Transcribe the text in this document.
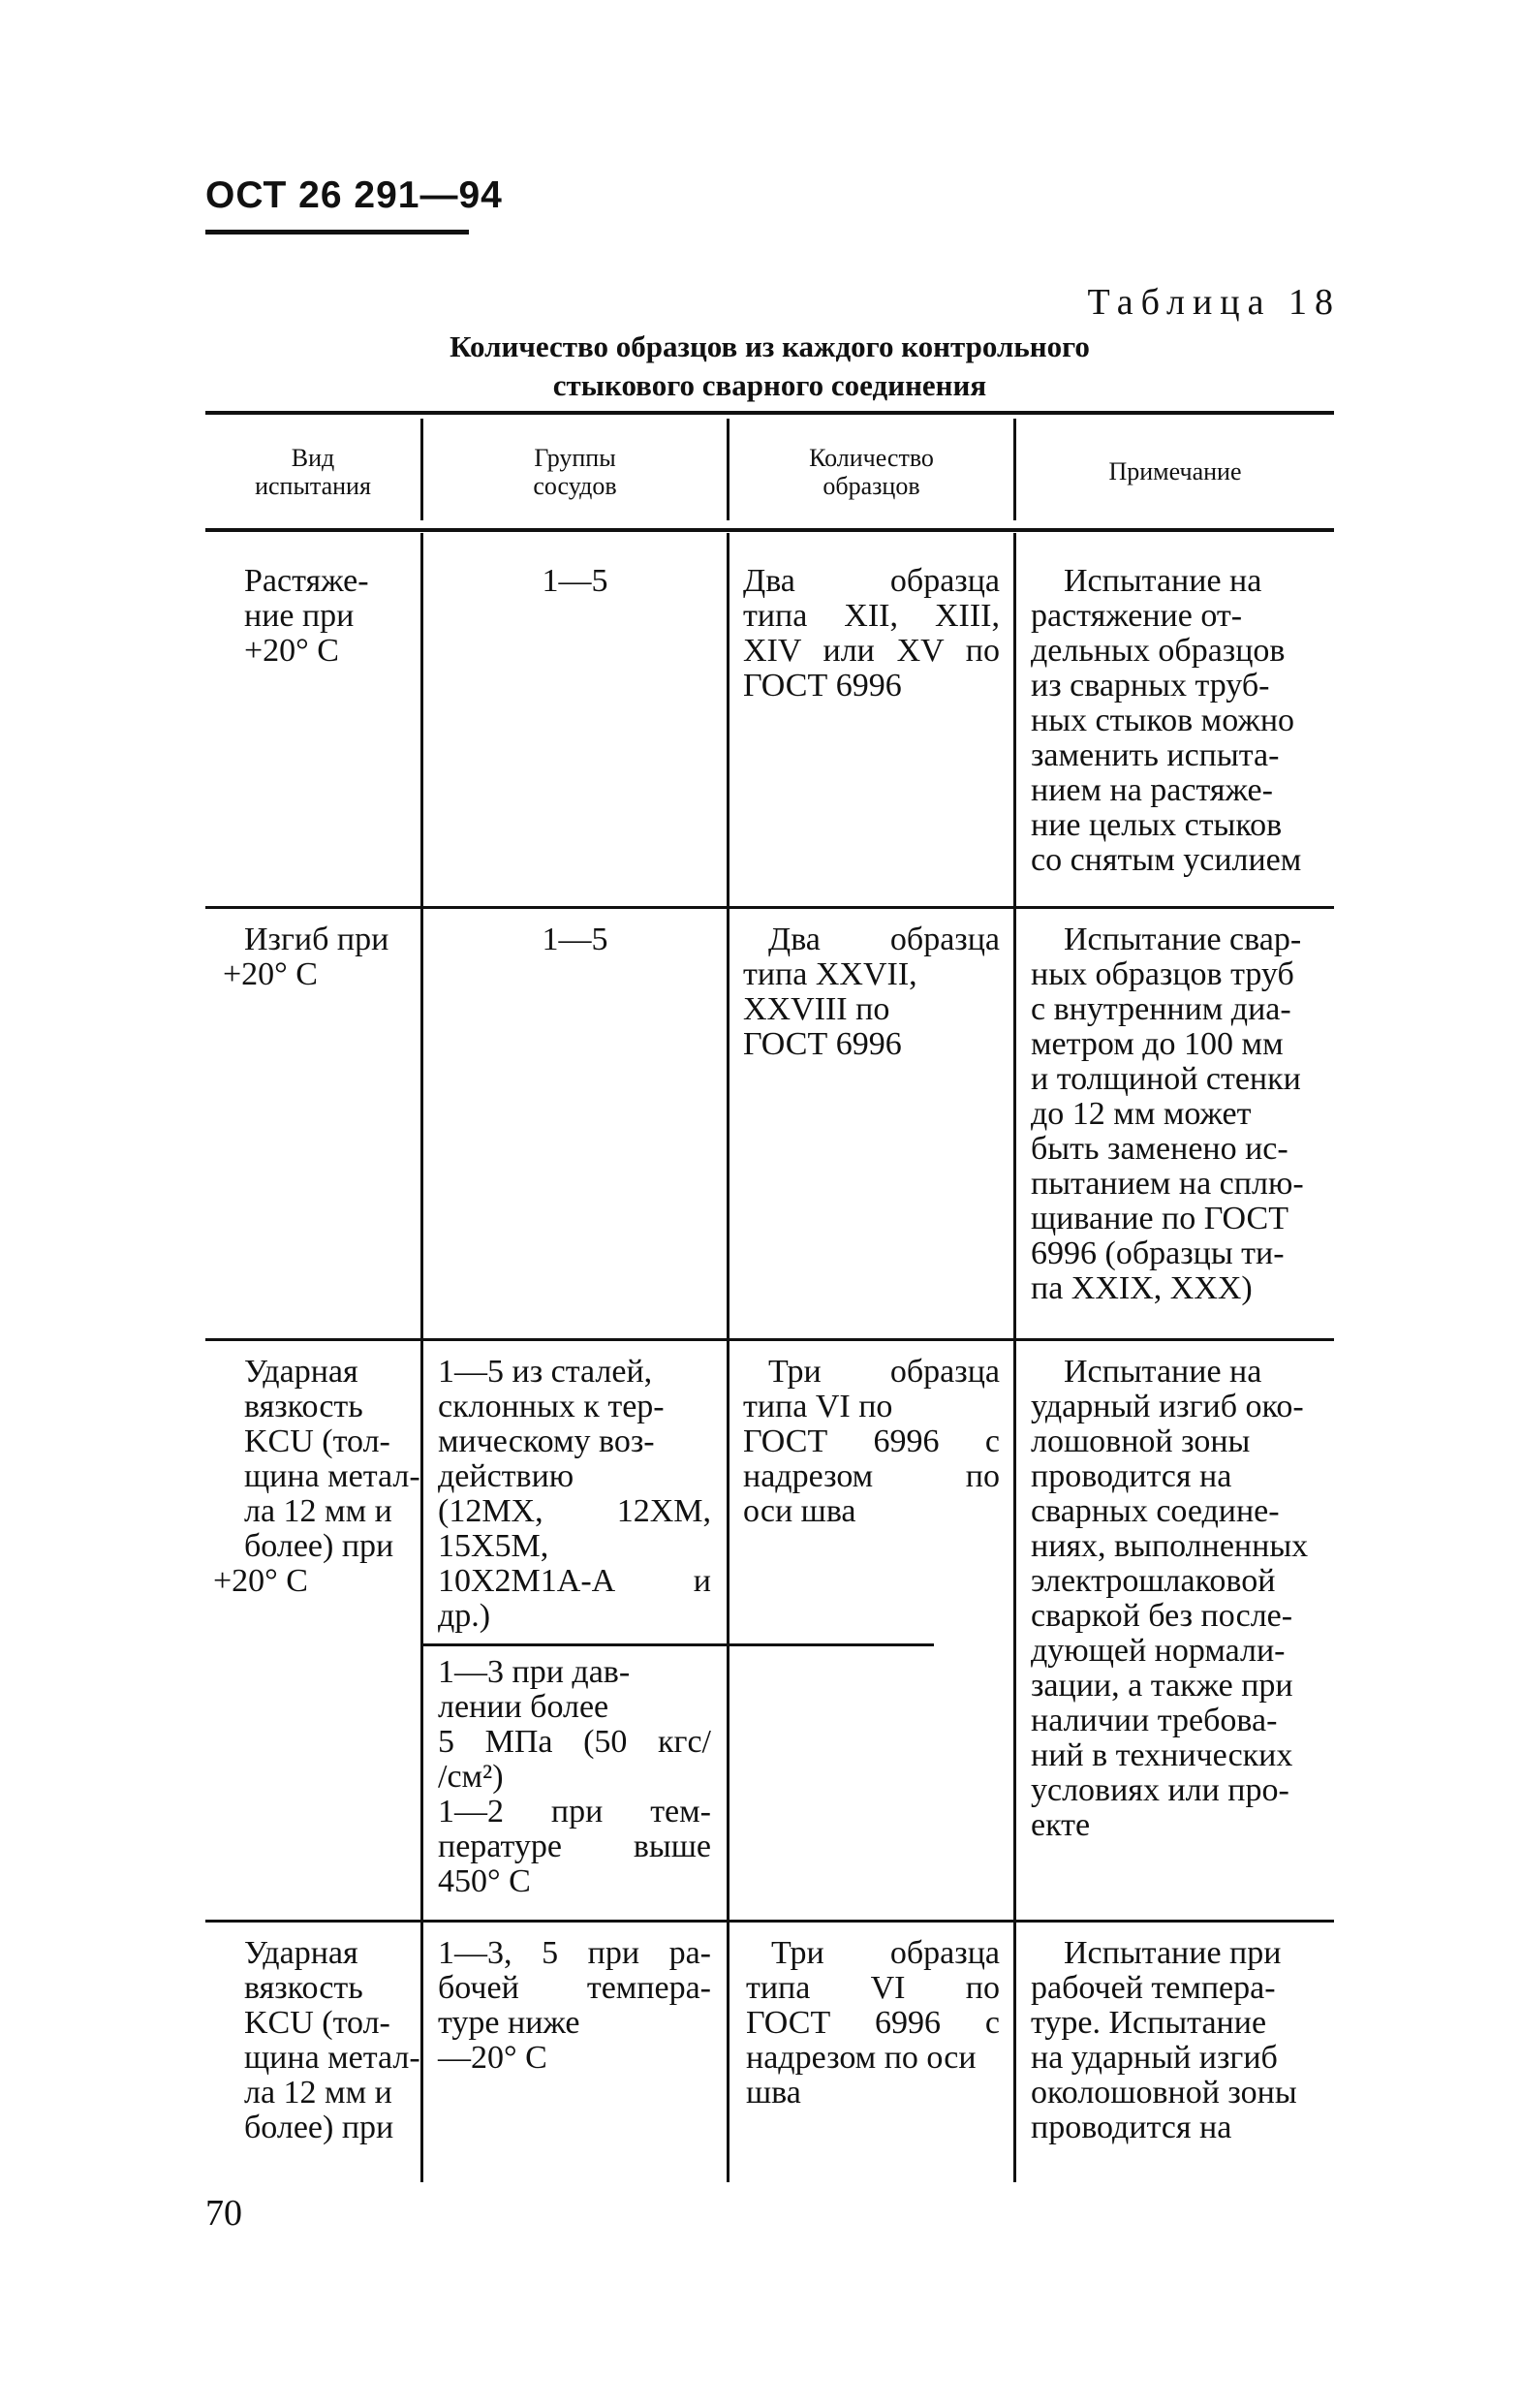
ОСТ 26 291—94
Таблица 18
Количество образцов из каждого контрольного
стыкового сварного соединения
Вид
испытания
Группы
сосудов
Количество
образцов
Примечание
Растяже-
ние при
+20° С
1—5	Два образца
типа XII, XIII,
XIV или XV по
ГОСТ 6996
Испытание на
растяжение от-
дельных образцов
из сварных труб-
ных стыков можно
заменить испыта-
нием на растяже-
ние целых стыков
со снятым усилием
Изгиб при
+20° С
1—5	Два образца
типа XXVII,
XXVIII по
ГОСТ 6996
Испытание свар-
ных образцов труб
с внутренним диа-
метром до 100 мм
и толщиной стенки
до 12 мм может
быть заменено ис-
пытанием на сплю-
щивание по ГОСТ
6996 (образцы ти-
па XXIX, XXX)
Ударная
вязкость
KCU (тол-
щина метал-
ла 12 мм и
более) при
+20° С
1—5 из сталей,
склонных к тер-
мическому воз-
действию
(12МХ, 12ХМ,
15Х5М,
10Х2М1А-А и
др.)
1—3 при дав-
лении более
5 МПа (50 кгс/
/см²)
1—2 при тем-
пературе выше
450° С
Три образца
типа VI по
ГОСТ 6996 с
надрезом по
оси шва
Испытание на
ударный изгиб око-
лошовной зоны
проводится на
сварных соедине-
ниях, выполненных
электрошлаковой
сваркой без после-
дующей нормали-
зации, а также при
наличии требова-
ний в технических
условиях или про-
екте
Ударная
вязкость
KCU (тол-
щина метал-
ла 12 мм и
более) при
1—3, 5 при ра-
бочей темпера-
туре ниже
—20° С
Три образца
типа VI по
ГОСТ 6996 с
надрезом по оси
шва
Испытание при
рабочей темпера-
туре. Испытание
на ударный изгиб
околошовной зоны
проводится на
70
